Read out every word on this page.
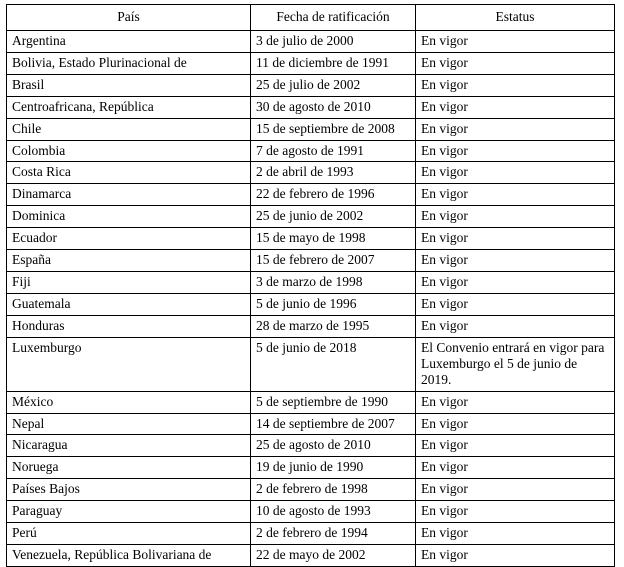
País	Fecha de ratificación	Estatus
Argentina	3 de julio de 2000	En vigor
Bolivia, Estado Plurinacional de	11 de diciembre de 1991	En vigor
Brasil	25 de julio de 2002	En vigor
Centroafricana, República	30 de agosto de 2010	En vigor
Chile	15 de septiembre de 2008	En vigor
Colombia	7 de agosto de 1991	En vigor
Costa Rica	2 de abril de 1993	En vigor
Dinamarca	22 de febrero de 1996	En vigor
Dominica	25 de junio de 2002	En vigor
Ecuador	15 de mayo de 1998	En vigor
España	15 de febrero de 2007	En vigor
Fiji	3 de marzo de 1998	En vigor
Guatemala	5 de junio de 1996	En vigor
Honduras	28 de marzo de 1995	En vigor
Luxemburgo	5 de junio de 2018	El Convenio entrará en vigor para Luxemburgo el 5 de junio de 2019.
México	5 de septiembre de 1990	En vigor
Nepal	14 de septiembre de 2007	En vigor
Nicaragua	25 de agosto de 2010	En vigor
Noruega	19 de junio de 1990	En vigor
Países Bajos	2 de febrero de 1998	En vigor
Paraguay	10 de agosto de 1993	En vigor
Perú	2 de febrero de 1994	En vigor
Venezuela, República Bolivariana de	22 de mayo de 2002	En vigor
